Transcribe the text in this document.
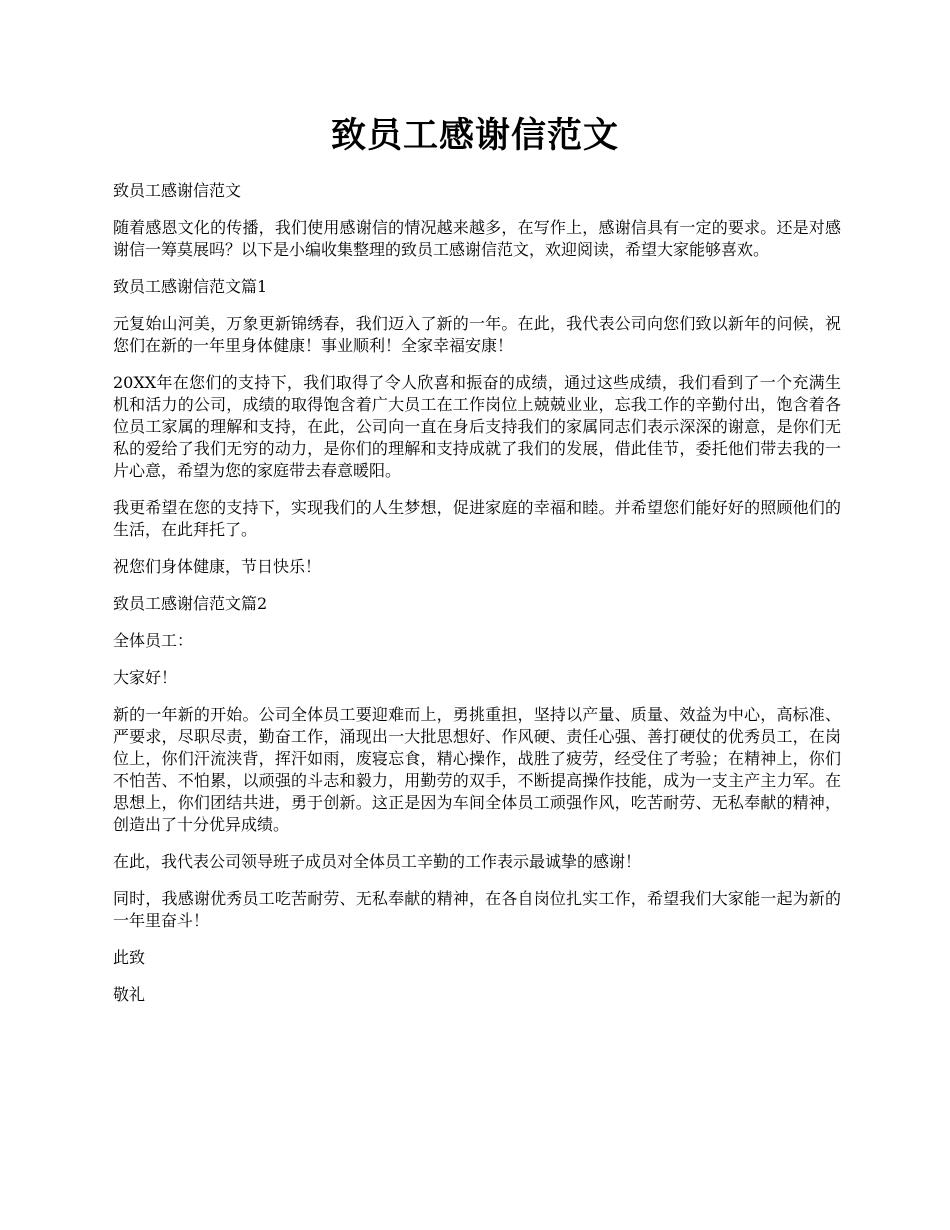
致员工感谢信范文

致员工感谢信范文

随着感恩文化的传播，我们使用感谢信的情况越来越多，在写作上，感谢信具有一定的要求。还是对感谢信一筹莫展吗？以下是小编收集整理的致员工感谢信范文，欢迎阅读，希望大家能够喜欢。

致员工感谢信范文篇1

元复始山河美，万象更新锦绣春，我们迈入了新的一年。在此，我代表公司向您们致以新年的问候，祝您们在新的一年里身体健康！事业顺利！全家幸福安康！

20XX年在您们的支持下，我们取得了令人欣喜和振奋的成绩，通过这些成绩，我们看到了一个充满生机和活力的公司，成绩的取得饱含着广大员工在工作岗位上兢兢业业，忘我工作的辛勤付出，饱含着各位员工家属的理解和支持，在此，公司向一直在身后支持我们的家属同志们表示深深的谢意，是你们无私的爱给了我们无穷的动力，是你们的理解和支持成就了我们的发展，借此佳节，委托他们带去我的一片心意，希望为您的家庭带去春意暖阳。

我更希望在您的支持下，实现我们的人生梦想，促进家庭的幸福和睦。并希望您们能好好的照顾他们的生活，在此拜托了。

祝您们身体健康，节日快乐！

致员工感谢信范文篇2

全体员工：

大家好！

新的一年新的开始。公司全体员工要迎难而上，勇挑重担，坚持以产量、质量、效益为中心，高标准、严要求，尽职尽责，勤奋工作，涌现出一大批思想好、作风硬、责任心强、善打硬仗的优秀员工，在岗位上，你们汗流浃背，挥汗如雨，废寝忘食，精心操作，战胜了疲劳，经受住了考验；在精神上，你们不怕苦、不怕累，以顽强的斗志和毅力，用勤劳的双手，不断提高操作技能，成为一支主产主力军。在思想上，你们团结共进，勇于创新。这正是因为车间全体员工顽强作风，吃苦耐劳、无私奉献的精神，创造出了十分优异成绩。

在此，我代表公司领导班子成员对全体员工辛勤的工作表示最诚挚的感谢！

同时，我感谢优秀员工吃苦耐劳、无私奉献的精神，在各自岗位扎实工作，希望我们大家能一起为新的一年里奋斗！

此致

敬礼
